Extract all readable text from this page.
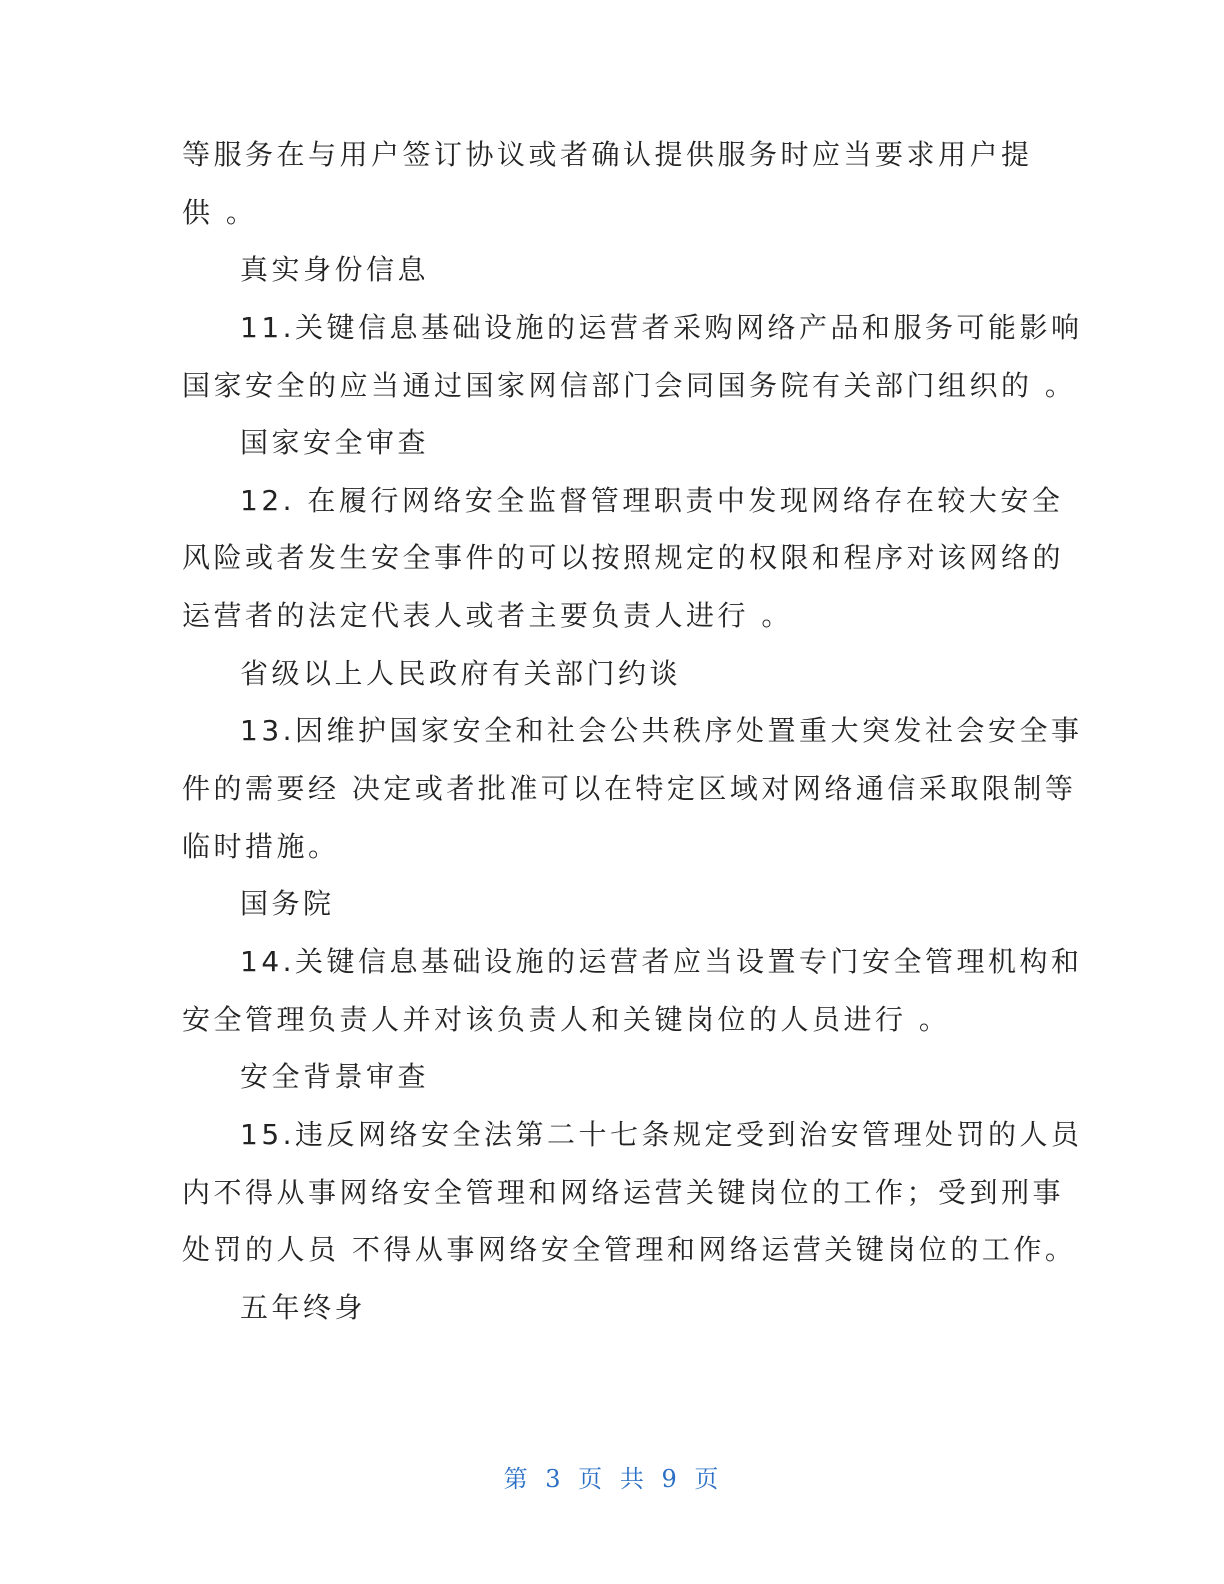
等服务在与用户签订协议或者确认提供服务时应当要求用户提
供 。
真实身份信息
11.关键信息基础设施的运营者采购网络产品和服务可能影响
国家安全的应当通过国家网信部门会同国务院有关部门组织的 。
国家安全审查
12. 在履行网络安全监督管理职责中发现网络存在较大安全
风险或者发生安全事件的可以按照规定的权限和程序对该网络的
运营者的法定代表人或者主要负责人进行 。
省级以上人民政府有关部门约谈
13.因维护国家安全和社会公共秩序处置重大突发社会安全事
件的需要经 决定或者批准可以在特定区域对网络通信采取限制等
临时措施。
国务院
14.关键信息基础设施的运营者应当设置专门安全管理机构和
安全管理负责人并对该负责人和关键岗位的人员进行 。
安全背景审查
15.违反网络安全法第二十七条规定受到治安管理处罚的人员
内不得从事网络安全管理和网络运营关键岗位的工作；受到刑事
处罚的人员 不得从事网络安全管理和网络运营关键岗位的工作。
五年终身
第 3 页 共 9 页
